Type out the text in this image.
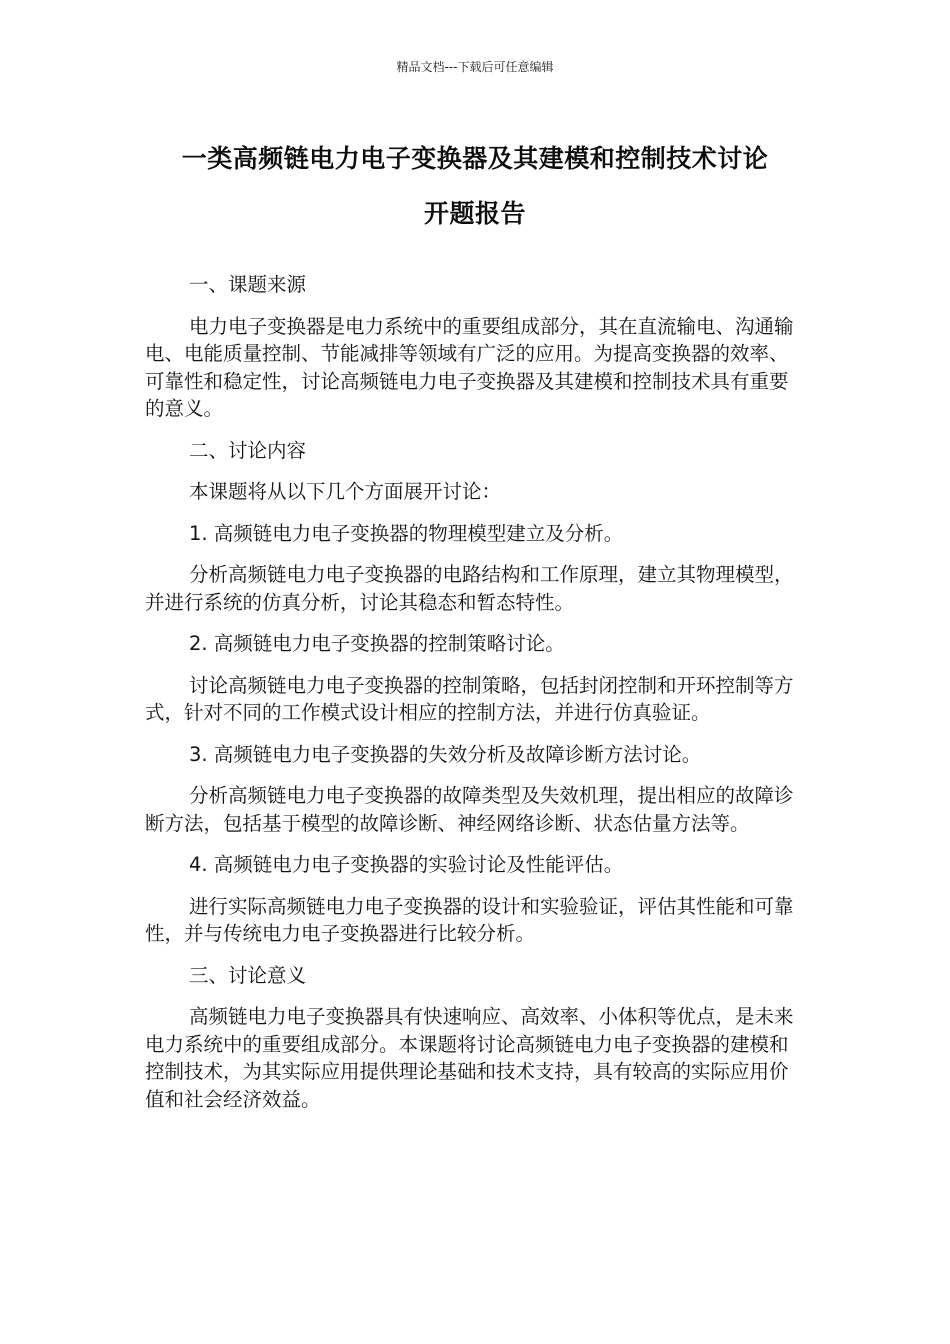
精品文档---下载后可任意编辑
一类高频链电力电子变换器及其建模和控制技术讨论
开题报告

一、课题来源

电力电子变换器是电力系统中的重要组成部分，其在直流输电、沟通输电、电能质量控制、节能减排等领域有广泛的应用。为提高变换器的效率、可靠性和稳定性，讨论高频链电力电子变换器及其建模和控制技术具有重要的意义。

二、讨论内容

本课题将从以下几个方面展开讨论：

1. 高频链电力电子变换器的物理模型建立及分析。

分析高频链电力电子变换器的电路结构和工作原理，建立其物理模型，并进行系统的仿真分析，讨论其稳态和暂态特性。

2. 高频链电力电子变换器的控制策略讨论。

讨论高频链电力电子变换器的控制策略，包括封闭控制和开环控制等方式，针对不同的工作模式设计相应的控制方法，并进行仿真验证。

3. 高频链电力电子变换器的失效分析及故障诊断方法讨论。

分析高频链电力电子变换器的故障类型及失效机理，提出相应的故障诊断方法，包括基于模型的故障诊断、神经网络诊断、状态估量方法等。

4. 高频链电力电子变换器的实验讨论及性能评估。

进行实际高频链电力电子变换器的设计和实验验证，评估其性能和可靠性，并与传统电力电子变换器进行比较分析。

三、讨论意义

高频链电力电子变换器具有快速响应、高效率、小体积等优点，是未来电力系统中的重要组成部分。本课题将讨论高频链电力电子变换器的建模和控制技术，为其实际应用提供理论基础和技术支持，具有较高的实际应用价值和社会经济效益。
